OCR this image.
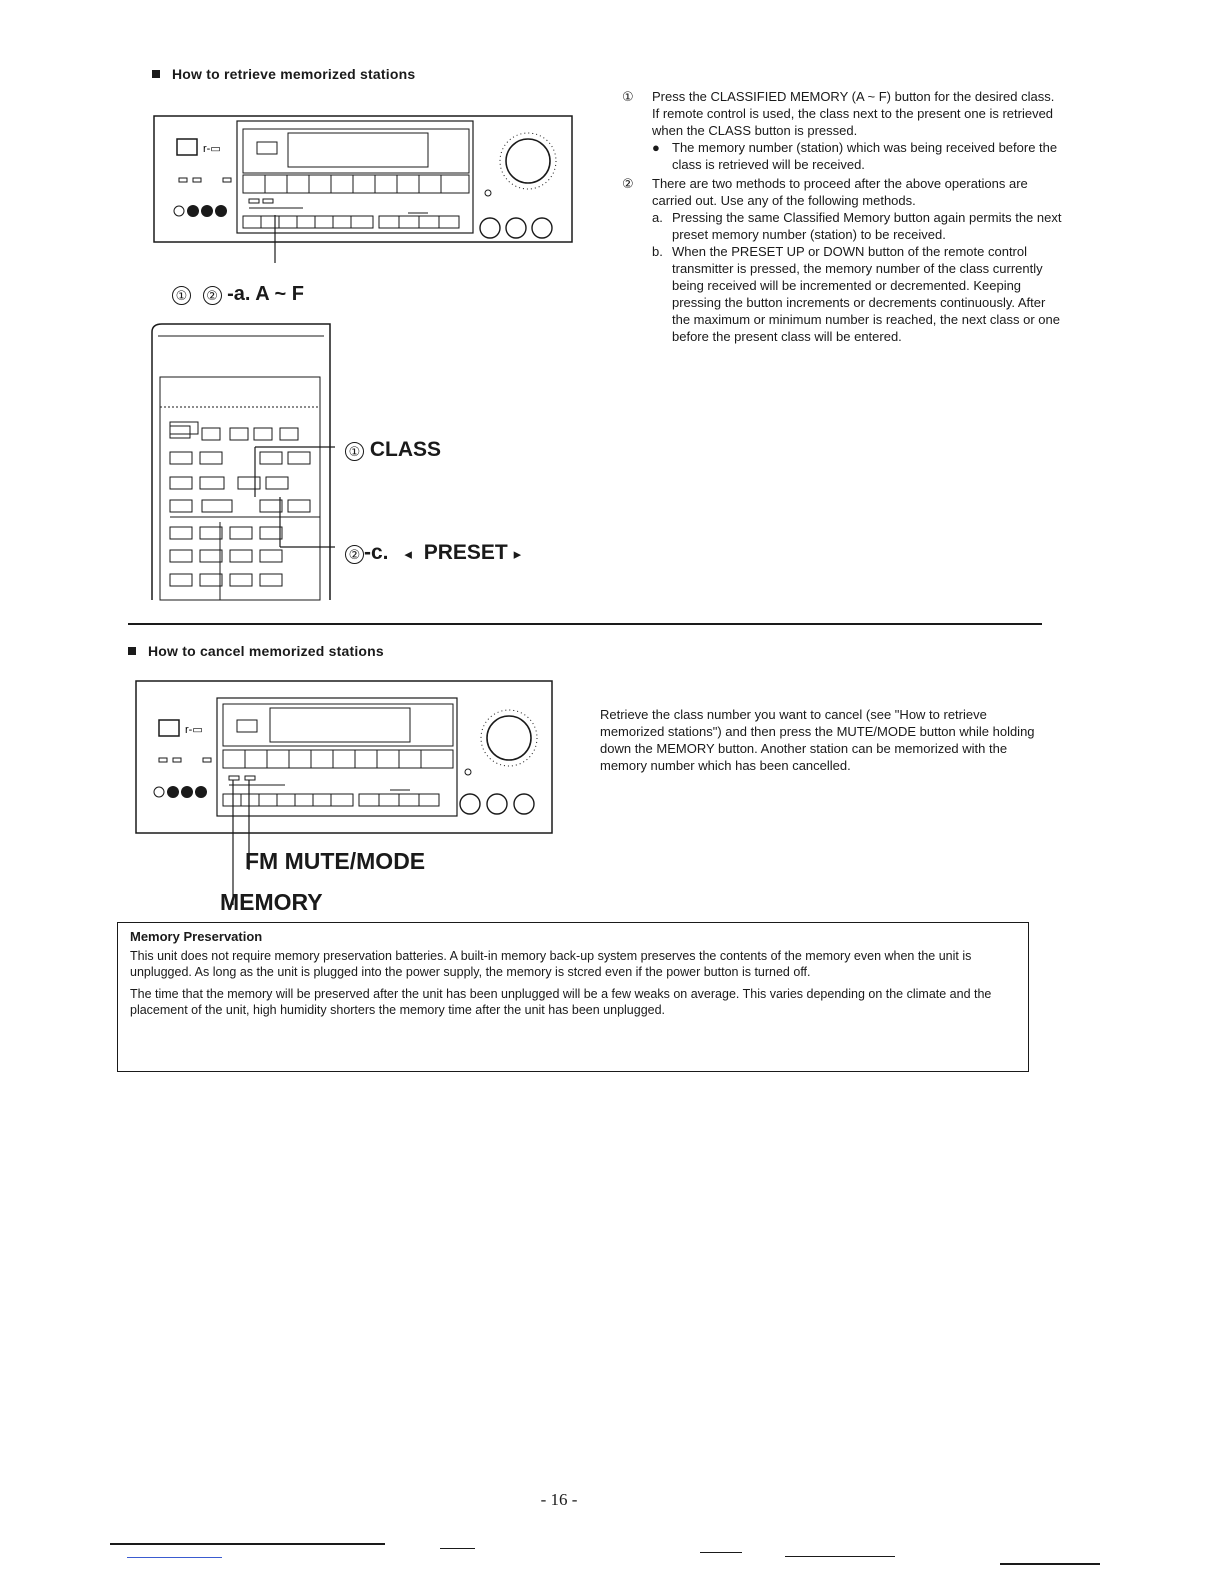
How to retrieve memorized stations
r-▭
① ② -a. A ~ F
① CLASS
② -c. ◂ PRESET ▸
① Press the CLASSIFIED MEMORY (A ~ F) button for the desired class. If remote control is used, the class next to the present one is retrieved when the CLASS button is pressed.

● The memory number (station) which was being received before the class is retrieved will be received.

② There are two methods to proceed after the above operations are carried out. Use any of the following methods.

a. Pressing the same Classified Memory button again permits the next preset memory number (station) to be received.

b. When the PRESET UP or DOWN button of the remote control transmitter is pressed, the memory number of the class currently being received will be incremented or decremented. Keeping pressing the button increments or decrements continuously. After the maximum or minimum number is reached, the next class or one before the present class will be entered.

How to cancel memorized stations
r-▭
FM MUTE/MODE
MEMORY
Retrieve the class number you want to cancel (see "How to retrieve memorized stations") and then press the MUTE/MODE button while holding down the MEMORY button. Another station can be memorized with the memory number which has been cancelled.
Memory Preservation

This unit does not require memory preservation batteries. A built-in memory back-up system preserves the contents of the memory even when the unit is unplugged. As long as the unit is plugged into the power supply, the memory is stcred even if the power button is turned off.

The time that the memory will be preserved after the unit has been unplugged will be a few weaks on average. This varies depending on the climate and the placement of the unit, high humidity shorters the memory time after the unit has been unplugged.

- 16 -
